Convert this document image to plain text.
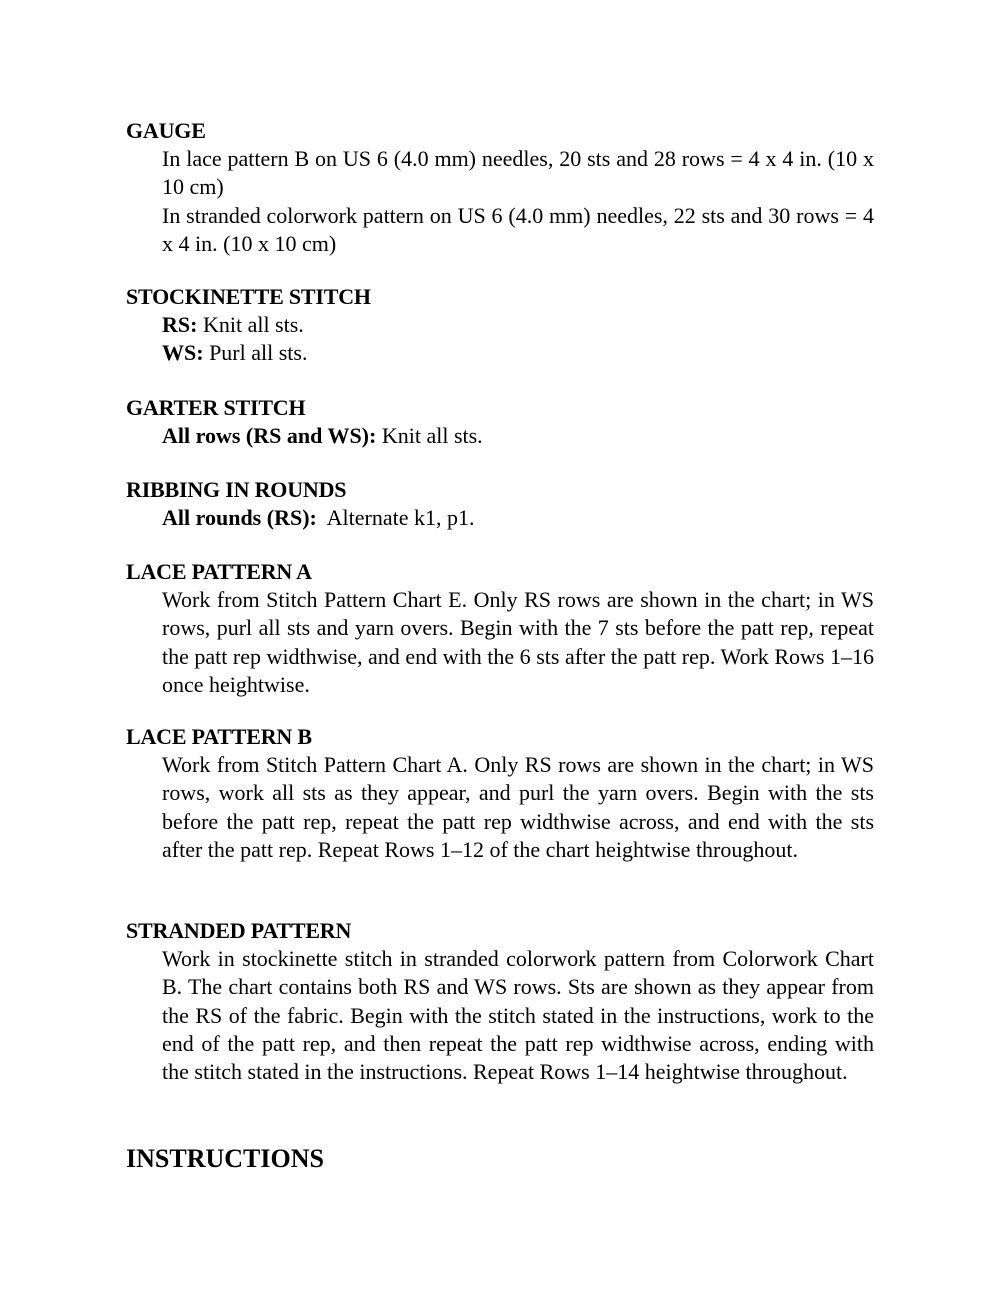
GAUGE

In lace pattern B on US 6 (4.0 mm) needles, 20 sts and 28 rows = 4 x 4 in. (10 x 10 cm)

In stranded colorwork pattern on US 6 (4.0 mm) needles, 22 sts and 30 rows = 4 x 4 in. (10 x 10 cm)

STOCKINETTE STITCH
RS: Knit all sts.
WS: Purl all sts.
GARTER STITCH
All rows (RS and WS): Knit all sts.
RIBBING IN ROUNDS
All rounds (RS):  Alternate k1, p1.
LACE PATTERN A

Work from Stitch Pattern Chart E. Only RS rows are shown in the chart; in WS rows, purl all sts and yarn overs. Begin with the 7 sts before the patt rep, repeat the patt rep widthwise, and end with the 6 sts after the patt rep. Work Rows 1–16 once heightwise.

LACE PATTERN B

Work from Stitch Pattern Chart A. Only RS rows are shown in the chart; in WS rows, work all sts as they appear, and purl the yarn overs. Begin with the sts before the patt rep, repeat the patt rep widthwise across, and end with the sts after the patt rep. Repeat Rows 1–12 of the chart heightwise throughout.

STRANDED PATTERN

Work in stockinette stitch in stranded colorwork pattern from Colorwork Chart B. The chart contains both RS and WS rows. Sts are shown as they appear from the RS of the fabric. Begin with the stitch stated in the instructions, work to the end of the patt rep, and then repeat the patt rep widthwise across, ending with the stitch stated in the instructions. Repeat Rows 1–14 heightwise throughout.

INSTRUCTIONS
